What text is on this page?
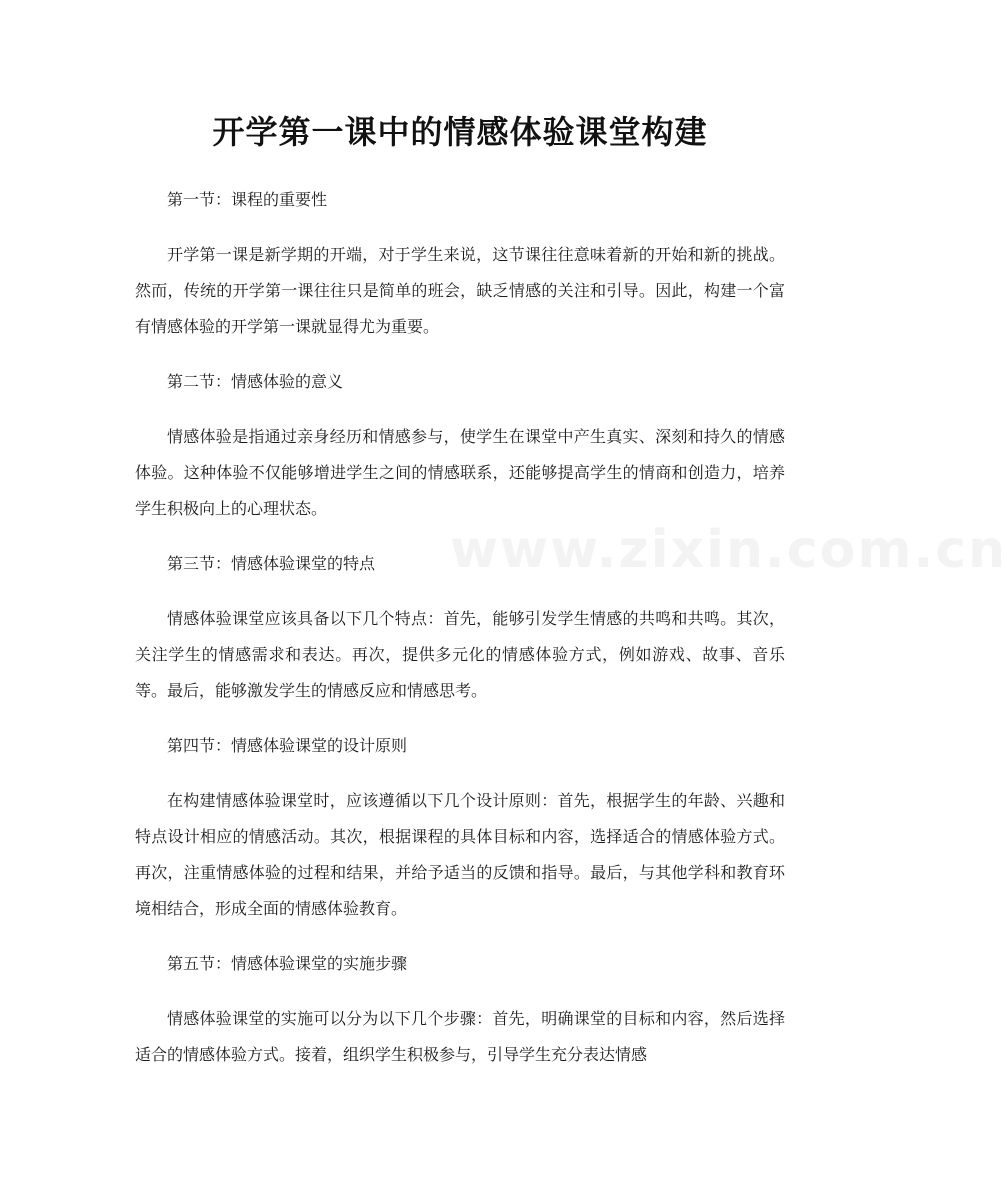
开学第一课中的情感体验课堂构建
www.zixin.com.cn

第一节：课程的重要性

开学第一课是新学期的开端，对于学生来说，这节课往往意味着新的开始和新的挑战。然而，传统的开学第一课往往只是简单的班会，缺乏情感的关注和引导。因此，构建一个富有情感体验的开学第一课就显得尤为重要。

第二节：情感体验的意义

情感体验是指通过亲身经历和情感参与，使学生在课堂中产生真实、深刻和持久的情感体验。这种体验不仅能够增进学生之间的情感联系，还能够提高学生的情商和创造力，培养学生积极向上的心理状态。

第三节：情感体验课堂的特点

情感体验课堂应该具备以下几个特点：首先，能够引发学生情感的共鸣和共鸣。其次，关注学生的情感需求和表达。再次，提供多元化的情感体验方式，例如游戏、故事、音乐等。最后，能够激发学生的情感反应和情感思考。

第四节：情感体验课堂的设计原则

在构建情感体验课堂时，应该遵循以下几个设计原则：首先，根据学生的年龄、兴趣和特点设计相应的情感活动。其次，根据课程的具体目标和内容，选择适合的情感体验方式。再次，注重情感体验的过程和结果，并给予适当的反馈和指导。最后，与其他学科和教育环境相结合，形成全面的情感体验教育。

第五节：情感体验课堂的实施步骤

情感体验课堂的实施可以分为以下几个步骤：首先，明确课堂的目标和内容，然后选择适合的情感体验方式。接着，组织学生积极参与，引导学生充分表达情感
